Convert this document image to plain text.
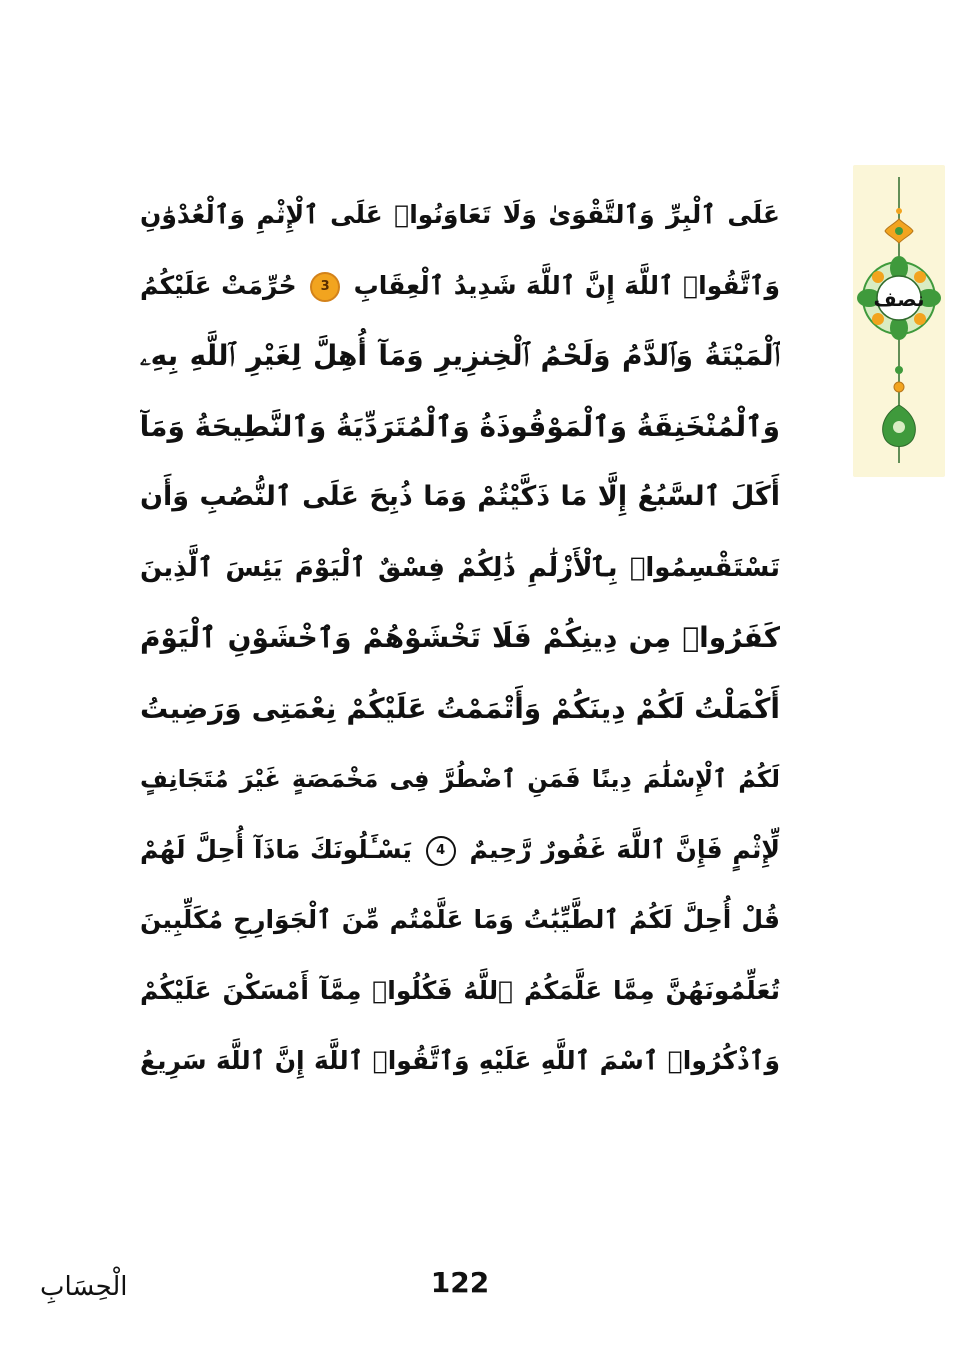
نصف
عَلَى ٱلْبِرِّ وَٱلتَّقْوَىٰ وَلَا تَعَاوَنُوا۟ عَلَى ٱلْإِثْمِ وَٱلْعُدْوَٰنِ
وَٱتَّقُوا۟ ٱللَّهَ إِنَّ ٱللَّهَ شَدِيدُ ٱلْعِقَابِ 3 حُرِّمَتْ عَلَيْكُمُ
ٱلْمَيْتَةُ وَٱلدَّمُ وَلَحْمُ ٱلْخِنزِيرِ وَمَآ أُهِلَّ لِغَيْرِ ٱللَّهِ بِهِۦ
وَٱلْمُنْخَنِقَةُ وَٱلْمَوْقُوذَةُ وَٱلْمُتَرَدِّيَةُ وَٱلنَّطِيحَةُ وَمَآ
أَكَلَ ٱلسَّبُعُ إِلَّا مَا ذَكَّيْتُمْ وَمَا ذُبِحَ عَلَى ٱلنُّصُبِ وَأَن
تَسْتَقْسِمُوا۟ بِٱلْأَزْلَٰمِ ذَٰلِكُمْ فِسْقٌ ٱلْيَوْمَ يَئِسَ ٱلَّذِينَ
كَفَرُوا۟ مِن دِينِكُمْ فَلَا تَخْشَوْهُمْ وَٱخْشَوْنِ ٱلْيَوْمَ
أَكْمَلْتُ لَكُمْ دِينَكُمْ وَأَتْمَمْتُ عَلَيْكُمْ نِعْمَتِى وَرَضِيتُ
لَكُمُ ٱلْإِسْلَٰمَ دِينًا فَمَنِ ٱضْطُرَّ فِى مَخْمَصَةٍ غَيْرَ مُتَجَانِفٍ
لِّإِثْمٍ فَإِنَّ ٱللَّهَ غَفُورٌ رَّحِيمٌ 4 يَسْـَٔلُونَكَ مَاذَآ أُحِلَّ لَهُمْ
قُلْ أُحِلَّ لَكُمُ ٱلطَّيِّبَٰتُ وَمَا عَلَّمْتُم مِّنَ ٱلْجَوَارِحِ مُكَلِّبِينَ
تُعَلِّمُونَهُنَّ مِمَّا عَلَّمَكُمُ ٱللَّهُ فَكُلُوا۟ مِمَّآ أَمْسَكْنَ عَلَيْكُمْ
وَٱذْكُرُوا۟ ٱسْمَ ٱللَّهِ عَلَيْهِ وَٱتَّقُوا۟ ٱللَّهَ إِنَّ ٱللَّهَ سَرِيعُ
الْحِسَابِ	122
